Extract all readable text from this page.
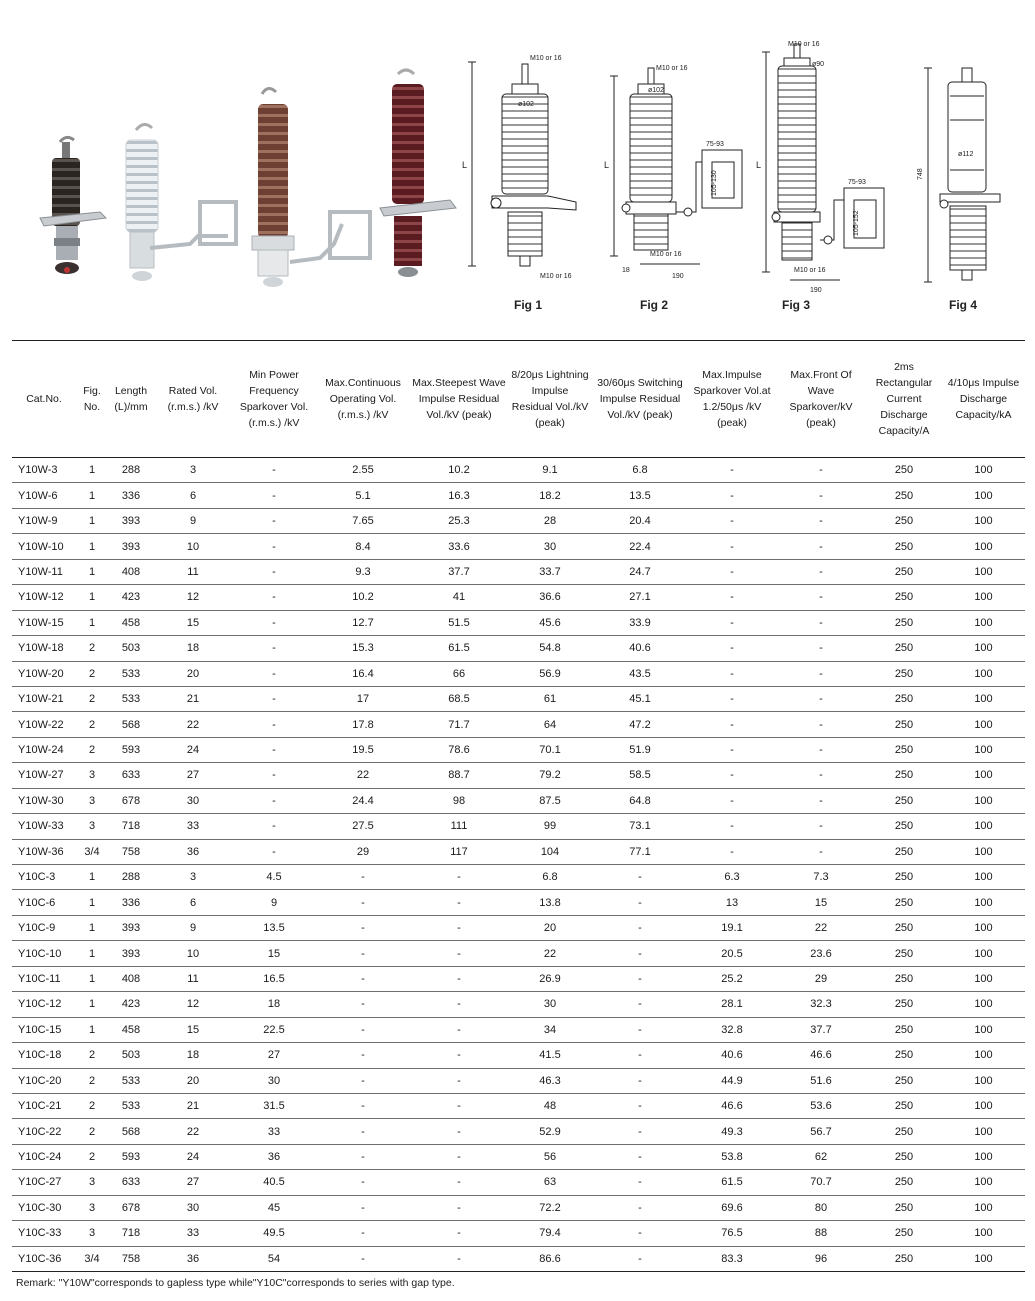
M10 or 16
ø102
M10 or 16
L
M10 or 16
ø102
75-93
105-130
M10 or 16
190
18
L
M10 or 16
ø90
75-93
105-152
M10 or 16
190
L
ø112
748
Fig 1	Fig 2	Fig 3	Fig 4
Cat.No.	Fig. No.	Length (L)/mm	Rated Vol.(r.m.s.) /kV	Min Power Frequency Sparkover Vol.(r.m.s.) /kV	Max.Continuous Operating Vol.(r.m.s.) /kV	Max.Steepest Wave Impulse Residual Vol./kV (peak)	8/20μs Lightning Impulse Residual Vol./kV (peak)	30/60μs Switching Impulse Residual Vol./kV (peak)	Max.Impulse Sparkover Vol.at 1.2/50μs /kV (peak)	Max.Front Of Wave Sparkover/kV (peak)	2ms Rectangular Current Discharge Capacity/A	4/10μs Impulse Discharge Capacity/kA
Y10W-3	1	288	3	-	2.55	10.2	9.1	6.8	-	-	250	100
Y10W-6	1	336	6	-	5.1	16.3	18.2	13.5	-	-	250	100
Y10W-9	1	393	9	-	7.65	25.3	28	20.4	-	-	250	100
Y10W-10	1	393	10	-	8.4	33.6	30	22.4	-	-	250	100
Y10W-11	1	408	11	-	9.3	37.7	33.7	24.7	-	-	250	100
Y10W-12	1	423	12	-	10.2	41	36.6	27.1	-	-	250	100
Y10W-15	1	458	15	-	12.7	51.5	45.6	33.9	-	-	250	100
Y10W-18	2	503	18	-	15.3	61.5	54.8	40.6	-	-	250	100
Y10W-20	2	533	20	-	16.4	66	56.9	43.5	-	-	250	100
Y10W-21	2	533	21	-	17	68.5	61	45.1	-	-	250	100
Y10W-22	2	568	22	-	17.8	71.7	64	47.2	-	-	250	100
Y10W-24	2	593	24	-	19.5	78.6	70.1	51.9	-	-	250	100
Y10W-27	3	633	27	-	22	88.7	79.2	58.5	-	-	250	100
Y10W-30	3	678	30	-	24.4	98	87.5	64.8	-	-	250	100
Y10W-33	3	718	33	-	27.5	111	99	73.1	-	-	250	100
Y10W-36	3/4	758	36	-	29	117	104	77.1	-	-	250	100
Y10C-3	1	288	3	4.5	-	-	6.8	-	6.3	7.3	250	100
Y10C-6	1	336	6	9	-	-	13.8	-	13	15	250	100
Y10C-9	1	393	9	13.5	-	-	20	-	19.1	22	250	100
Y10C-10	1	393	10	15	-	-	22	-	20.5	23.6	250	100
Y10C-11	1	408	11	16.5	-	-	26.9	-	25.2	29	250	100
Y10C-12	1	423	12	18	-	-	30	-	28.1	32.3	250	100
Y10C-15	1	458	15	22.5	-	-	34	-	32.8	37.7	250	100
Y10C-18	2	503	18	27	-	-	41.5	-	40.6	46.6	250	100
Y10C-20	2	533	20	30	-	-	46.3	-	44.9	51.6	250	100
Y10C-21	2	533	21	31.5	-	-	48	-	46.6	53.6	250	100
Y10C-22	2	568	22	33	-	-	52.9	-	49.3	56.7	250	100
Y10C-24	2	593	24	36	-	-	56	-	53.8	62	250	100
Y10C-27	3	633	27	40.5	-	-	63	-	61.5	70.7	250	100
Y10C-30	3	678	30	45	-	-	72.2	-	69.6	80	250	100
Y10C-33	3	718	33	49.5	-	-	79.4	-	76.5	88	250	100
Y10C-36	3/4	758	36	54	-	-	86.6	-	83.3	96	250	100
Remark: "Y10W"corresponds to gapless type while"Y10C"corresponds to series with gap type.
